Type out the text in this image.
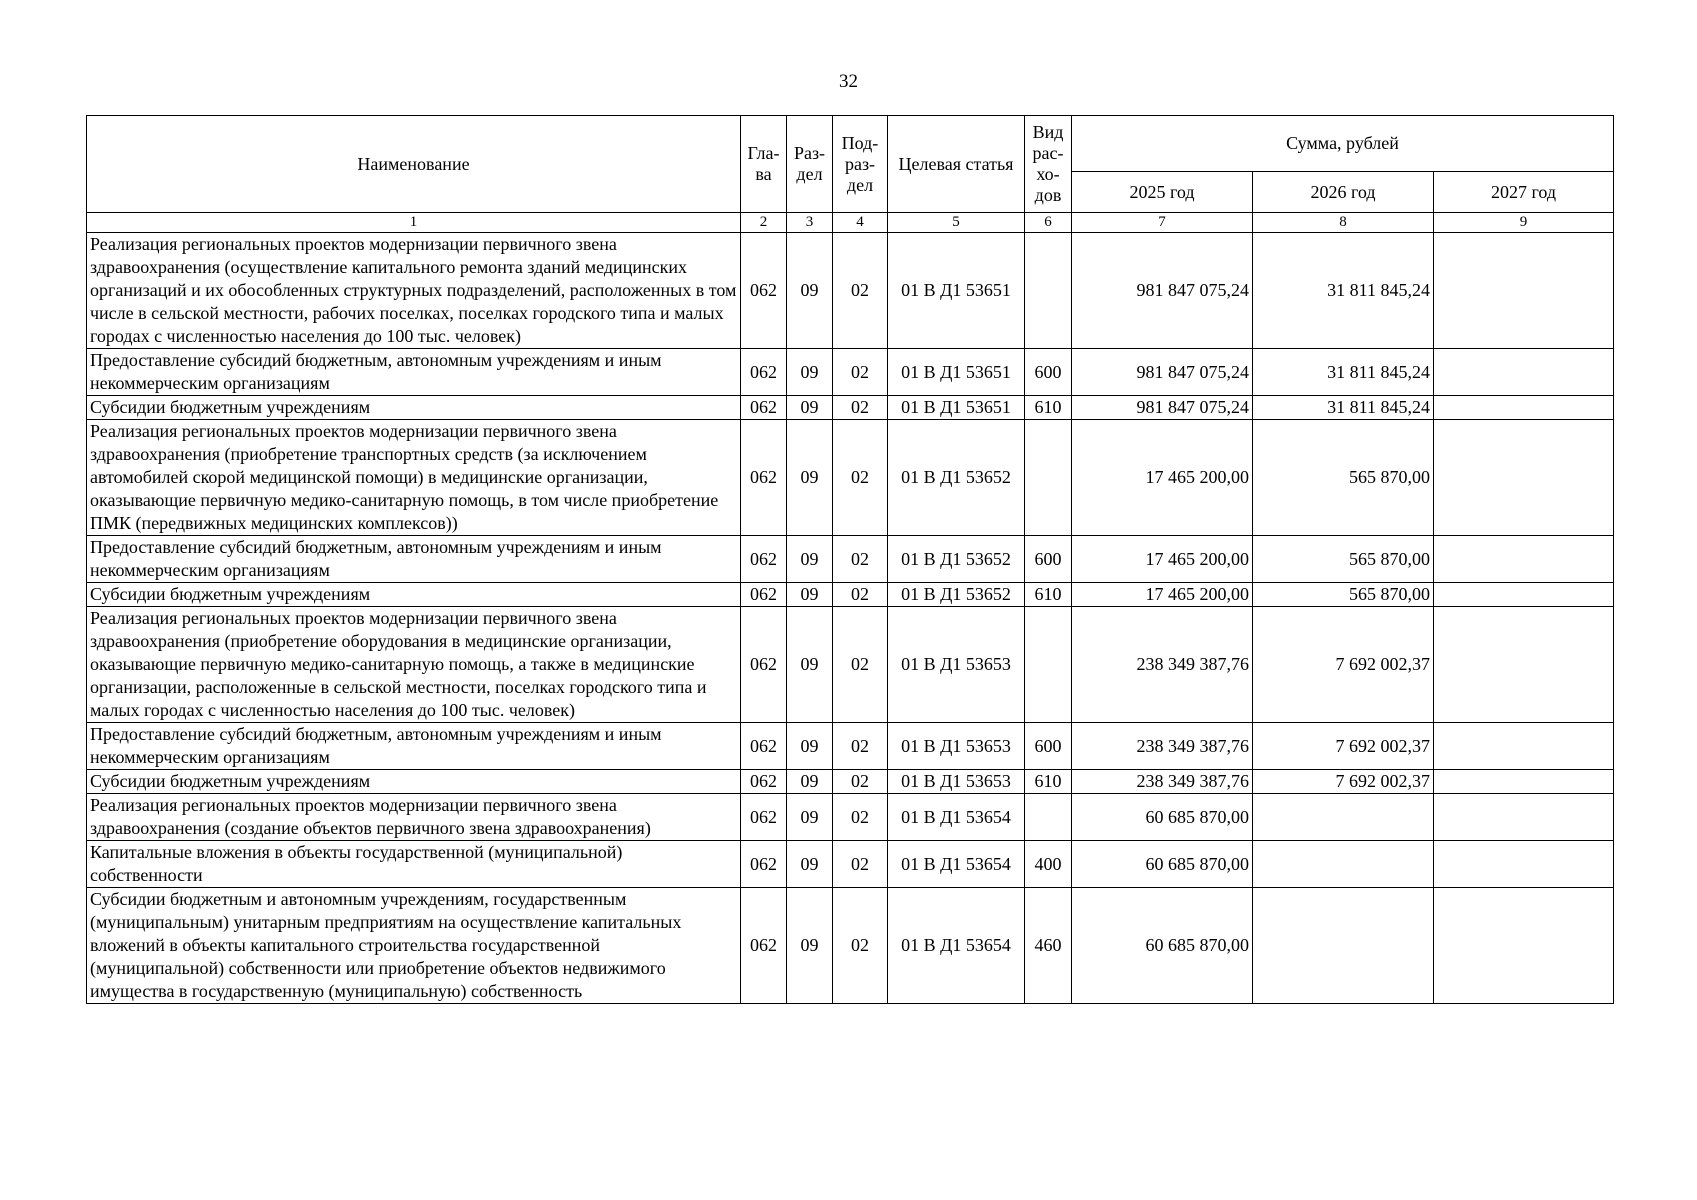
32
Наименование	Гла-ва	Раз-дел	Под-раз-дел	Целевая статья	Вид рас-хо-дов	Сумма, рублей		
						2025 год	2026 год	2027 год
1	2	3	4	5	6	7	8	9
Реализация региональных проектов модернизации первичного звена здравоохранения (осуществление капитального ремонта зданий медицинских организаций и их обособленных структурных подразделений, расположенных в том числе в сельской местности, рабочих поселках, поселках городского типа и малых городах с численностью населения до 100 тыс. человек)	062	09	02	01 В Д1 53651		981 847 075,24	31 811 845,24	
Предоставление субсидий бюджетным, автономным учреждениям и иным некоммерческим организациям	062	09	02	01 В Д1 53651	600	981 847 075,24	31 811 845,24	
Субсидии бюджетным учреждениям	062	09	02	01 В Д1 53651	610	981 847 075,24	31 811 845,24	
Реализация региональных проектов модернизации первичного звена здравоохранения (приобретение транспортных средств (за исключением автомобилей скорой медицинской помощи) в медицинские организации, оказывающие первичную медико-санитарную помощь, в том числе приобретение ПМК (передвижных медицинских комплексов))	062	09	02	01 В Д1 53652		17 465 200,00	565 870,00	
Предоставление субсидий бюджетным, автономным учреждениям и иным некоммерческим организациям	062	09	02	01 В Д1 53652	600	17 465 200,00	565 870,00	
Субсидии бюджетным учреждениям	062	09	02	01 В Д1 53652	610	17 465 200,00	565 870,00	
Реализация региональных проектов модернизации первичного звена здравоохранения (приобретение оборудования в медицинские организации, оказывающие первичную медико-санитарную помощь, а также в медицинские организации, расположенные в сельской местности, поселках городского типа и малых городах с численностью населения до 100 тыс. человек)	062	09	02	01 В Д1 53653		238 349 387,76	7 692 002,37	
Предоставление субсидий бюджетным, автономным учреждениям и иным некоммерческим организациям	062	09	02	01 В Д1 53653	600	238 349 387,76	7 692 002,37	
Субсидии бюджетным учреждениям	062	09	02	01 В Д1 53653	610	238 349 387,76	7 692 002,37	
Реализация региональных проектов модернизации первичного звена здравоохранения (создание объектов первичного звена здравоохранения)	062	09	02	01 В Д1 53654		60 685 870,00		
Капитальные вложения в объекты государственной (муниципальной) собственности	062	09	02	01 В Д1 53654	400	60 685 870,00		
Субсидии бюджетным и автономным учреждениям, государственным (муниципальным) унитарным предприятиям на осуществление капитальных вложений в объекты капитального строительства государственной (муниципальной) собственности или приобретение объектов недвижимого имущества в государственную (муниципальную) собственность	062	09	02	01 В Д1 53654	460	60 685 870,00		
